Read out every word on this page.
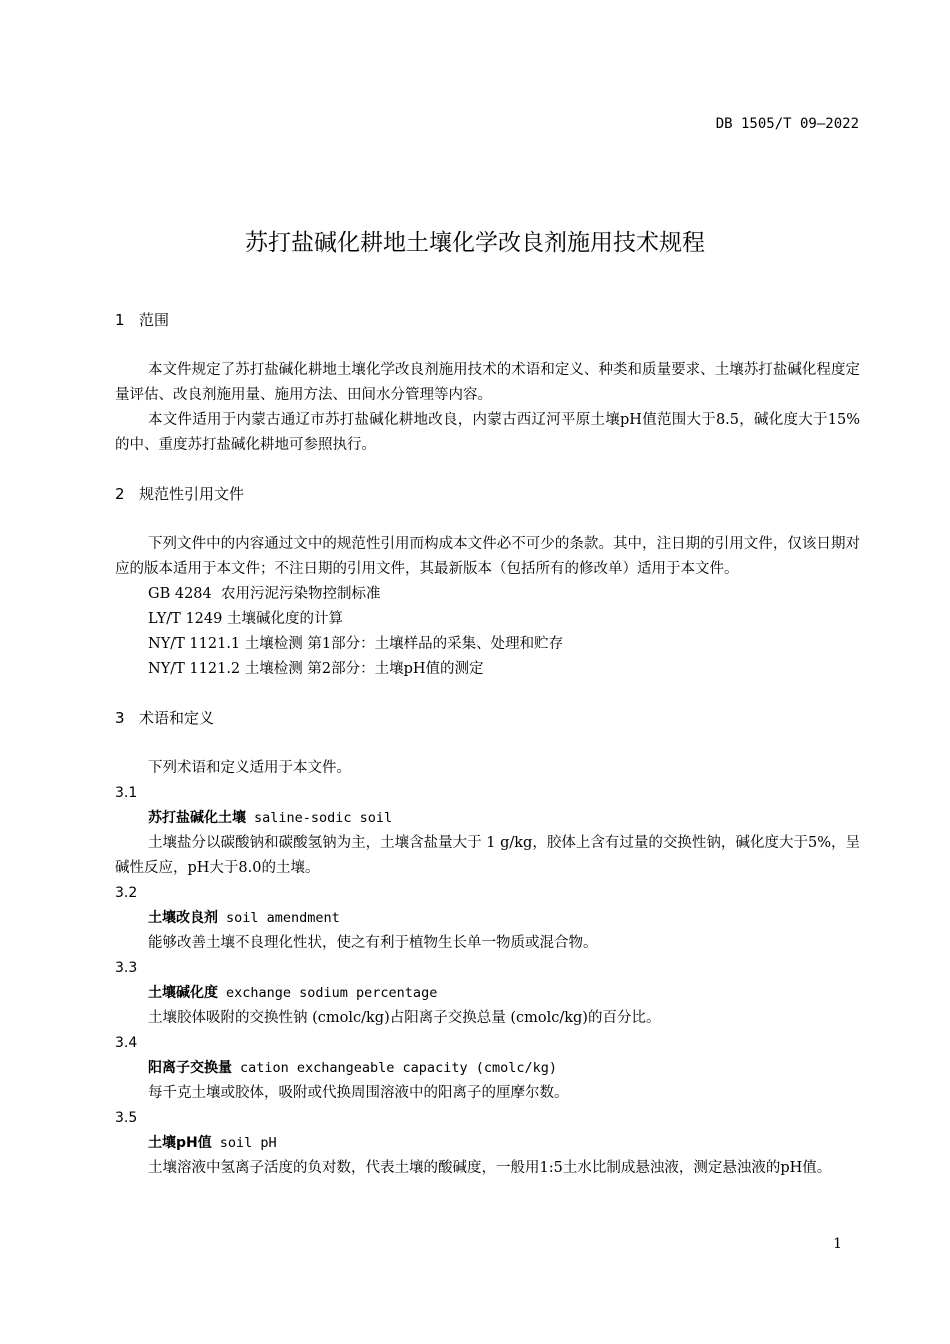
DB 1505/T 09—2022
苏打盐碱化耕地土壤化学改良剂施用技术规程
1 范围

本文件规定了苏打盐碱化耕地土壤化学改良剂施用技术的术语和定义、种类和质量要求、土壤苏打盐碱化程度定量评估、改良剂施用量、施用方法、田间水分管理等内容。

本文件适用于内蒙古通辽市苏打盐碱化耕地改良，内蒙古西辽河平原土壤pH值范围大于8.5，碱化度大于15%的中、重度苏打盐碱化耕地可参照执行。

2 规范性引用文件

下列文件中的内容通过文中的规范性引用而构成本文件必不可少的条款。其中，注日期的引用文件，仅该日期对应的版本适用于本文件；不注日期的引用文件，其最新版本（包括所有的修改单）适用于本文件。

GB 4284  农用污泥污染物控制标准
LY/T 1249 土壤碱化度的计算
NY/T 1121.1 土壤检测 第1部分：土壤样品的采集、处理和贮存
NY/T 1121.2 土壤检测 第2部分：土壤pH值的测定
3 术语和定义

下列术语和定义适用于本文件。

3.1
苏打盐碱化土壤 saline-sodic soil

土壤盐分以碳酸钠和碳酸氢钠为主，土壤含盐量大于 1 g/kg，胶体上含有过量的交换性钠，碱化度大于5%，呈碱性反应，pH大于8.0的土壤。

3.2
土壤改良剂 soil amendment

能够改善土壤不良理化性状，使之有利于植物生长单一物质或混合物。

3.3
土壤碱化度 exchange sodium percentage

土壤胶体吸附的交换性钠 (cmolc/kg)占阳离子交换总量 (cmolc/kg)的百分比。

3.4
阳离子交换量 cation exchangeable capacity (cmolc/kg)

每千克土壤或胶体，吸附或代换周围溶液中的阳离子的厘摩尔数。

3.5
土壤pH值 soil pH

土壤溶液中氢离子活度的负对数，代表土壤的酸碱度，一般用1:5土水比制成悬浊液，测定悬浊液的pH值。

1
